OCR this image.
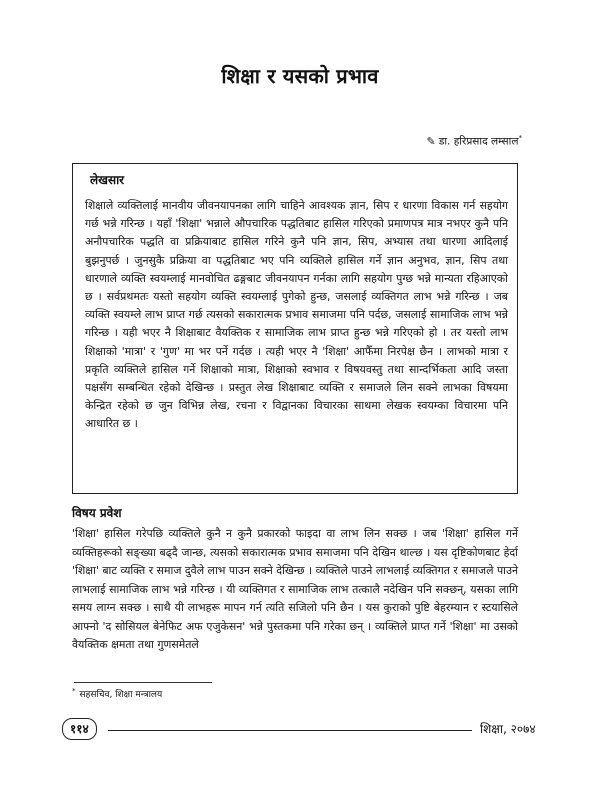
शिक्षा र यसको प्रभाव
✎ डा. हरिप्रसाद लम्साल*
लेखसार

शिक्षाले व्यक्तिलाई मानवीय जीवनयापनका लागि चाहिने आवश्यक ज्ञान, सिप र धारणा विकास गर्न सहयोग गर्छ भन्ने गरिन्छ । यहाँ 'शिक्षा' भन्नाले औपचारिक पद्धतिबाट हासिल गरिएको प्रमाणपत्र मात्र नभएर कुनै पनि अनौपचारिक पद्धति वा प्रक्रियाबाट हासिल गरिने कुनै पनि ज्ञान, सिप, अभ्यास तथा धारणा आदिलाई बुझनुपर्छ । जुनसुकै प्रक्रिया वा पद्धतिबाट भए पनि व्यक्तिले हासिल गर्ने ज्ञान अनुभव, ज्ञान, सिप तथा धारणाले व्यक्ति स्वयम्लाई मानवोचित ढङ्गबाट जीवनयापन गर्नका लागि सहयोग पुग्छ भन्ने मान्यता रहिआएको छ । सर्वप्रथमतः यस्तो सहयोग व्यक्ति स्वयम्लाई पुगेको हुन्छ, जसलाई व्यक्तिगत लाभ भन्ने गरिन्छ । जब व्यक्ति स्वयम्ले लाभ प्राप्त गर्छ त्यसको सकारात्मक प्रभाव समाजमा पनि पर्दछ, जसलाई सामाजिक लाभ भन्ने गरिन्छ । यही भएर नै शिक्षाबाट वैयक्तिक र सामाजिक लाभ प्राप्त हुन्छ भन्ने गरिएको हो । तर यस्तो लाभ शिक्षाको 'मात्रा' र 'गुण' मा भर पर्ने गर्दछ । त्यही भएर नै 'शिक्षा' आफैँमा निरपेक्ष छैन । लाभको मात्रा र प्रकृति व्यक्तिले हासिल गर्ने शिक्षाको मात्रा, शिक्षाको स्वभाव र विषयवस्तु तथा सान्दर्भिकता आदि जस्ता पक्षसँग सम्बन्धित रहेको देखिन्छ । प्रस्तुत लेख शिक्षाबाट व्यक्ति र समाजले लिन सक्ने लाभका विषयमा केन्द्रित रहेको छ जुन विभिन्न लेख, रचना र विद्वानका विचारका साथमा लेखक स्वयम्का विचारमा पनि आधारित छ ।

विषय प्रवेश

'शिक्षा' हासिल गरेपछि व्यक्तिले कुनै न कुनै प्रकारको फाइदा वा लाभ लिन सक्छ । जब 'शिक्षा' हासिल गर्ने व्यक्तिहरूको सङ्ख्या बढ्दै जान्छ, त्यसको सकारात्मक प्रभाव समाजमा पनि देखिन थाल्छ । यस दृष्टिकोणबाट हेर्दा 'शिक्षा' बाट व्यक्ति र समाज दुवैले लाभ पाउन सक्ने देखिन्छ । व्यक्तिले पाउने लाभलाई व्यक्तिगत र समाजले पाउने लाभलाई सामाजिक लाभ भन्ने गरिन्छ । यी व्यक्तिगत र सामाजिक लाभ तत्कालै नदेखिन पनि सक्छन्, यसका लागि समय लाग्न सक्छ । साथै यी लाभहरू मापन गर्न त्यति सजिलो पनि छैन । यस कुराको पुष्टि बेहरम्यान र स्टयासिले आफ्नो 'द सोसियल बेनेफिट अफ एजुकेसन' भन्ने पुस्तकमा पनि गरेका छन् । व्यक्तिले प्राप्त गर्ने 'शिक्षा' मा उसको वैयक्तिक क्षमता तथा गुणसमेतले

* सहसचिव, शिक्षा मन्त्रालय
११४	शिक्षा, २०७४
